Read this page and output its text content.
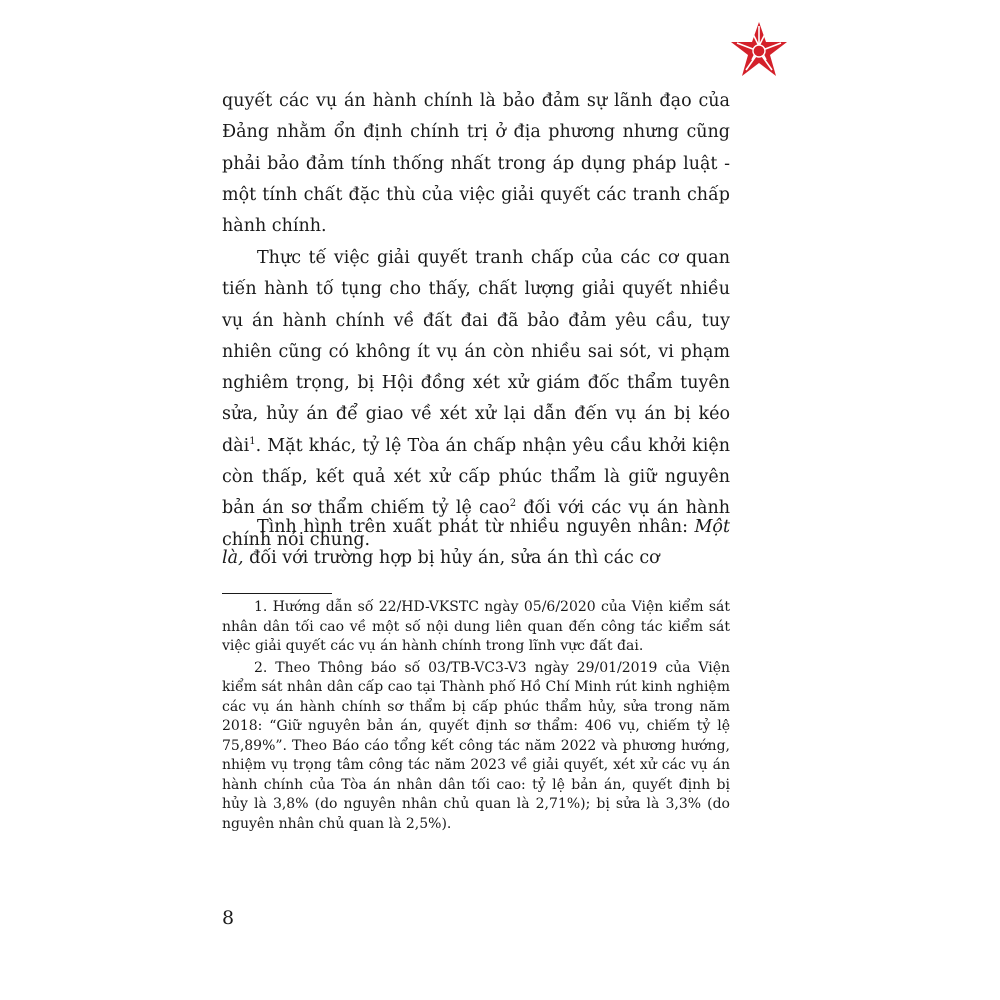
quyết các vụ án hành chính là bảo đảm sự lãnh đạo của Đảng nhằm ổn định chính trị ở địa phương nhưng cũng phải bảo đảm tính thống nhất trong áp dụng pháp luật - một tính chất đặc thù của việc giải quyết các tranh chấp hành chính.

Thực tế việc giải quyết tranh chấp của các cơ quan tiến hành tố tụng cho thấy, chất lượng giải quyết nhiều vụ án hành chính về đất đai đã bảo đảm yêu cầu, tuy nhiên cũng có không ít vụ án còn nhiều sai sót, vi phạm nghiêm trọng, bị Hội đồng xét xử giám đốc thẩm tuyên sửa, hủy án để giao về xét xử lại dẫn đến vụ án bị kéo dài$^1$. Mặt khác, tỷ lệ Tòa án chấp nhận yêu cầu khởi kiện còn thấp, kết quả xét xử cấp phúc thẩm là giữ nguyên bản án sơ thẩm chiếm tỷ lệ cao$^2$ đối với các vụ án hành chính nói chung.

Tình hình trên xuất phát từ nhiều nguyên nhân: Một là, đối với trường hợp bị hủy án, sửa án thì các cơ

1. Hướng dẫn số 22/HD-VKSTC ngày 05/6/2020 của Viện kiểm sát nhân dân tối cao về một số nội dung liên quan đến công tác kiểm sát việc giải quyết các vụ án hành chính trong lĩnh vực đất đai.

2. Theo Thông báo số 03/TB-VC3-V3 ngày 29/01/2019 của Viện kiểm sát nhân dân cấp cao tại Thành phố Hồ Chí Minh rút kinh nghiệm các vụ án hành chính sơ thẩm bị cấp phúc thẩm hủy, sửa trong năm 2018: “Giữ nguyên bản án, quyết định sơ thẩm: 406 vụ, chiếm tỷ lệ 75,89%”. Theo Báo cáo tổng kết công tác năm 2022 và phương hướng, nhiệm vụ trọng tâm công tác năm 2023 về giải quyết, xét xử các vụ án hành chính của Tòa án nhân dân tối cao: tỷ lệ bản án, quyết định bị hủy là 3,8% (do nguyên nhân chủ quan là 2,71%); bị sửa là 3,3% (do nguyên nhân chủ quan là 2,5%).

8
